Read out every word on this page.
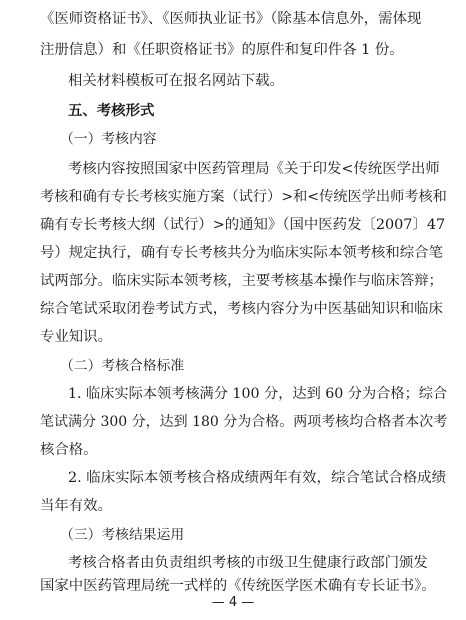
《医师资格证书》、《医师执业证书》（除基本信息外，需体现
注册信息）和《任职资格证书》的原件和复印件各 1 份。
相关材料模板可在报名网站下载。
五、考核形式
（一）考核内容
考核内容按照国家中医药管理局《关于印发<传统医学出师
考核和确有专长考核实施方案（试行）>和<传统医学出师考核和
确有专长考核大纲（试行）>的通知》（国中医药发〔2007〕47
号）规定执行，确有专长考核共分为临床实际本领考核和综合笔
试两部分。临床实际本领考核，主要考核基本操作与临床答辩；
综合笔试采取闭卷考试方式，考核内容分为中医基础知识和临床
专业知识。
（二）考核合格标准
1. 临床实际本领考核满分 100 分，达到 60 分为合格；综合
笔试满分 300 分，达到 180 分为合格。两项考核均合格者本次考
核合格。
2. 临床实际本领考核合格成绩两年有效，综合笔试合格成绩
当年有效。
（三）考核结果运用
考核合格者由负责组织考核的市级卫生健康行政部门颁发
国家中医药管理局统一式样的《传统医学医术确有专长证书》。
— 4 —
